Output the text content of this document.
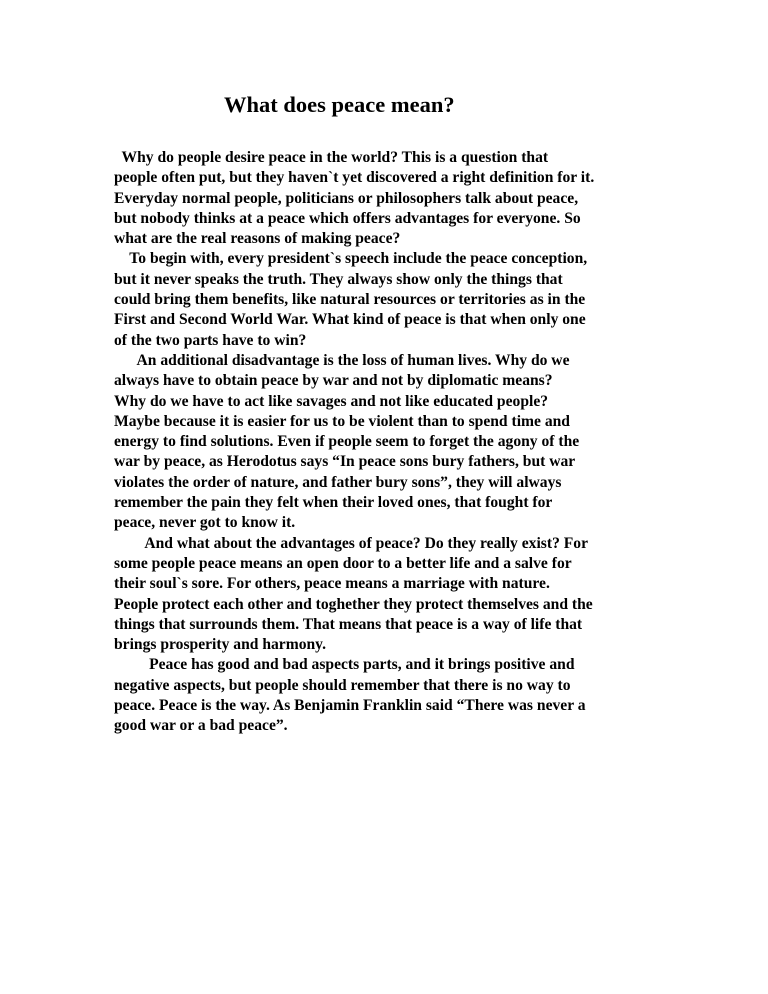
What does peace mean?
Why do people desire peace in the world? This is a question that
people often put, but they haven`t yet discovered a right definition for it.
Everyday normal people, politicians or philosophers talk about peace,
but nobody thinks at a peace which offers advantages for everyone. So
what are the real reasons of making peace?
To begin with, every president`s speech include the peace conception,
but it never speaks the truth. They always show only the things that
could bring them benefits, like natural resources or territories as in the
First and Second World War. What kind of peace is that when only one
of the two parts have to win?
An additional disadvantage is the loss of human lives. Why do we
always have to obtain peace by war and not by diplomatic means?
Why do we have to act like savages and not like educated people?
Maybe because it is easier for us to be violent than to spend time and
energy to find solutions. Even if people seem to forget the agony of the
war by peace, as Herodotus says “In peace sons bury fathers, but war
violates the order of nature, and father bury sons”, they will always
remember the pain they felt when their loved ones, that fought for
peace, never got to know it.
And what about the advantages of peace? Do they really exist? For
some people peace means an open door to a better life and a salve for
their soul`s sore. For others, peace means a marriage with nature.
People protect each other and toghether they protect themselves and the
things that surrounds them. That means that peace is a way of life that
brings prosperity and harmony.
Peace has good and bad aspects parts, and it brings positive and
negative aspects, but people should remember that there is no way to
peace. Peace is the way. As Benjamin Franklin said “There was never a
good war or a bad peace”.
